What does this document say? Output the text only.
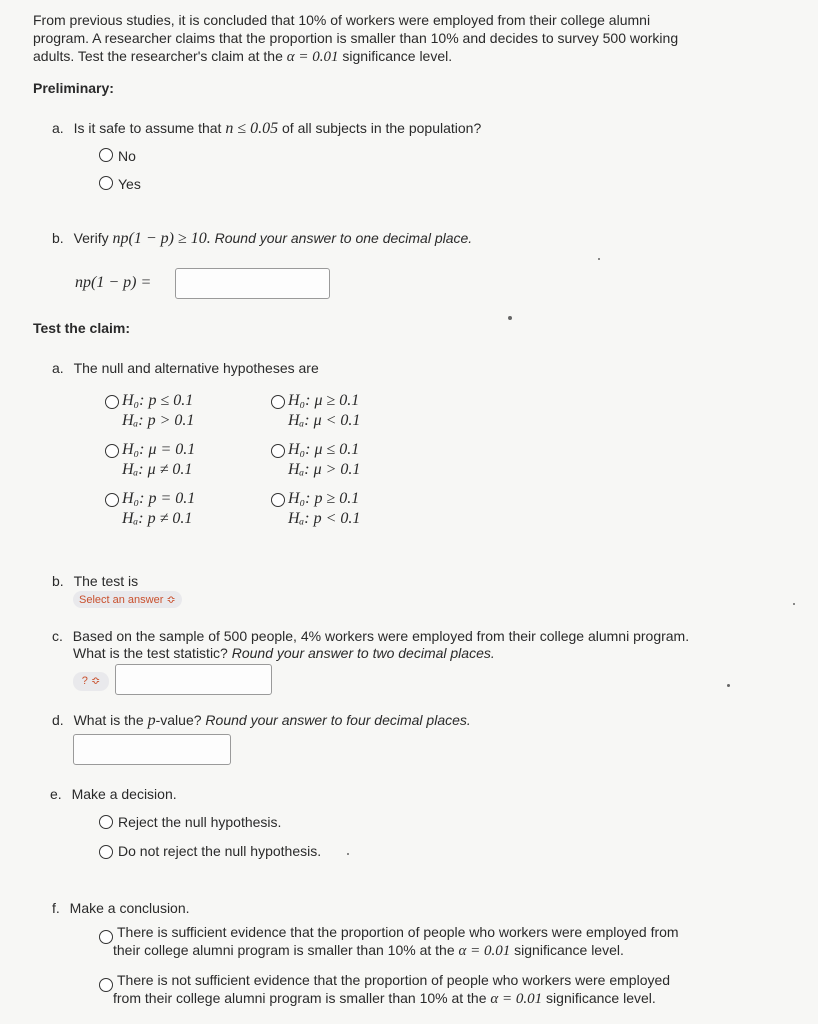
From previous studies, it is concluded that 10% of workers were employed from their college alumni
program. A researcher claims that the proportion is smaller than 10% and decides to survey 500 working
adults. Test the researcher's claim at the α = 0.01 significance level.
Preliminary:
a. Is it safe to assume that n ≤ 0.05 of all subjects in the population?
No
Yes
b. Verify np(1 − p) ≥ 10. Round your answer to one decimal place.
np(1 − p) =
Test the claim:
a. The null and alternative hypotheses are
H₀: p ≤ 0.1
Hₐ: p > 0.1
H₀: μ = 0.1
Hₐ: μ ≠ 0.1
H₀: p = 0.1
Hₐ: p ≠ 0.1
H₀: μ ≥ 0.1
Hₐ: μ < 0.1
H₀: μ ≤ 0.1
Hₐ: μ > 0.1
H₀: p ≥ 0.1
Hₐ: p < 0.1
b. The test is
Select an answer ≎
c. Based on the sample of 500 people, 4% workers were employed from their college alumni program.
What is the test statistic? Round your answer to two decimal places.
? ≎
d. What is the p-value? Round your answer to four decimal places.
e. Make a decision.
Reject the null hypothesis.
Do not reject the null hypothesis.
f. Make a conclusion.
There is sufficient evidence that the proportion of people who workers were employed from
their college alumni program is smaller than 10% at the α = 0.01 significance level.
There is not sufficient evidence that the proportion of people who workers were employed
from their college alumni program is smaller than 10% at the α = 0.01 significance level.
